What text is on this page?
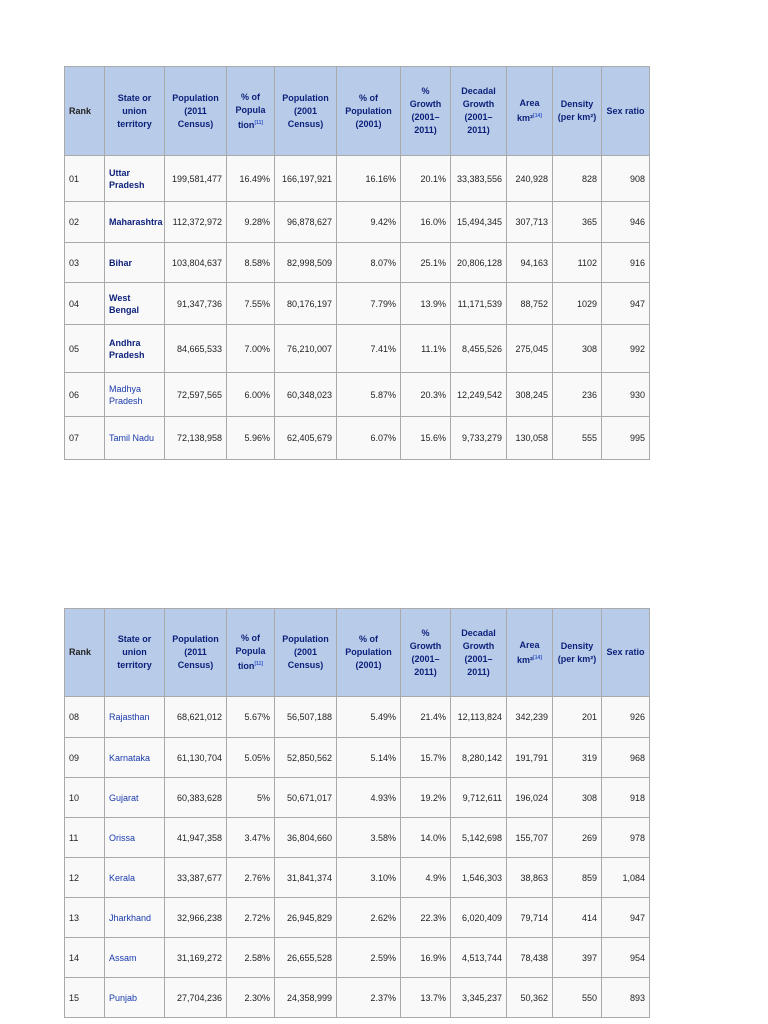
Rank	State or union territory	Population (2011 Census)	% of Popula tion[11]	Population (2001 Census)	% of Population (2001)	% Growth (2001–2011)	Decadal Growth (2001–2011)	Area km²[14]	Density (per km²)	Sex ratio
01	Uttar Pradesh	199,581,477	16.49%	166,197,921	16.16%	20.1%	33,383,556	240,928	828	908
02	Maharashtra	112,372,972	9.28%	96,878,627	9.42%	16.0%	15,494,345	307,713	365	946
03	Bihar	103,804,637	8.58%	82,998,509	8.07%	25.1%	20,806,128	94,163	1102	916
04	West Bengal	91,347,736	7.55%	80,176,197	7.79%	13.9%	11,171,539	88,752	1029	947
05	Andhra Pradesh	84,665,533	7.00%	76,210,007	7.41%	11.1%	8,455,526	275,045	308	992
06	Madhya Pradesh	72,597,565	6.00%	60,348,023	5.87%	20.3%	12,249,542	308,245	236	930
07	Tamil Nadu	72,138,958	5.96%	62,405,679	6.07%	15.6%	9,733,279	130,058	555	995
Rank	State or union territory	Population (2011 Census)	% of Popula tion[11]	Population (2001 Census)	% of Population (2001)	% Growth (2001–2011)	Decadal Growth (2001–2011)	Area km²[14]	Density (per km²)	Sex ratio
08	Rajasthan	68,621,012	5.67%	56,507,188	5.49%	21.4%	12,113,824	342,239	201	926
09	Karnataka	61,130,704	5.05%	52,850,562	5.14%	15.7%	8,280,142	191,791	319	968
10	Gujarat	60,383,628	5%	50,671,017	4.93%	19.2%	9,712,611	196,024	308	918
11	Orissa	41,947,358	3.47%	36,804,660	3.58%	14.0%	5,142,698	155,707	269	978
12	Kerala	33,387,677	2.76%	31,841,374	3.10%	4.9%	1,546,303	38,863	859	1,084
13	Jharkhand	32,966,238	2.72%	26,945,829	2.62%	22.3%	6,020,409	79,714	414	947
14	Assam	31,169,272	2.58%	26,655,528	2.59%	16.9%	4,513,744	78,438	397	954
15	Punjab	27,704,236	2.30%	24,358,999	2.37%	13.7%	3,345,237	50,362	550	893
